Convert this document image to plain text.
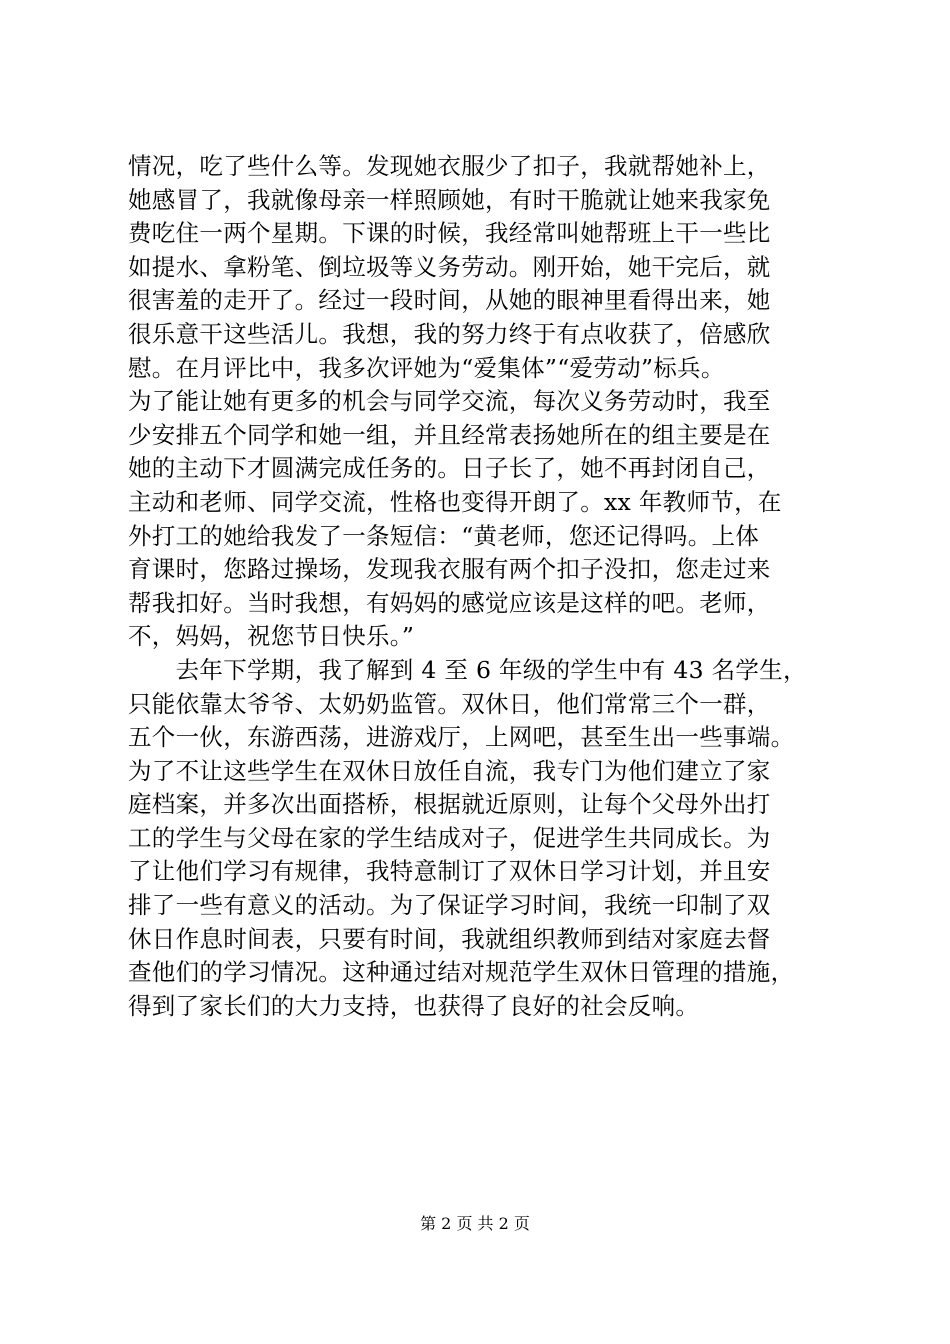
情况，吃了些什么等。发现她衣服少了扣子，我就帮她补上，
她感冒了，我就像母亲一样照顾她，有时干脆就让她来我家免
费吃住一两个星期。下课的时候，我经常叫她帮班上干一些比
如提水、拿粉笔、倒垃圾等义务劳动。刚开始，她干完后，就
很害羞的走开了。经过一段时间，从她的眼神里看得出来，她
很乐意干这些活儿。我想，我的努力终于有点收获了，倍感欣
慰。在月评比中，我多次评她为“爱集体”“爱劳动”标兵。
为了能让她有更多的机会与同学交流，每次义务劳动时，我至
少安排五个同学和她一组，并且经常表扬她所在的组主要是在
她的主动下才圆满完成任务的。日子长了，她不再封闭自己，
主动和老师、同学交流，性格也变得开朗了。xx 年教师节，在
外打工的她给我发了一条短信：“黄老师，您还记得吗。上体
育课时，您路过操场，发现我衣服有两个扣子没扣，您走过来
帮我扣好。当时我想，有妈妈的感觉应该是这样的吧。老师，
不，妈妈，祝您节日快乐。”
　　去年下学期，我了解到 4 至 6 年级的学生中有 43 名学生，
只能依靠太爷爷、太奶奶监管。双休日，他们常常三个一群，
五个一伙，东游西荡，进游戏厅，上网吧，甚至生出一些事端。
为了不让这些学生在双休日放任自流，我专门为他们建立了家
庭档案，并多次出面搭桥，根据就近原则，让每个父母外出打
工的学生与父母在家的学生结成对子，促进学生共同成长。为
了让他们学习有规律，我特意制订了双休日学习计划，并且安
排了一些有意义的活动。为了保证学习时间，我统一印制了双
休日作息时间表，只要有时间，我就组织教师到结对家庭去督
查他们的学习情况。这种通过结对规范学生双休日管理的措施，
得到了家长们的大力支持，也获得了良好的社会反响。
第 2 页 共 2 页
